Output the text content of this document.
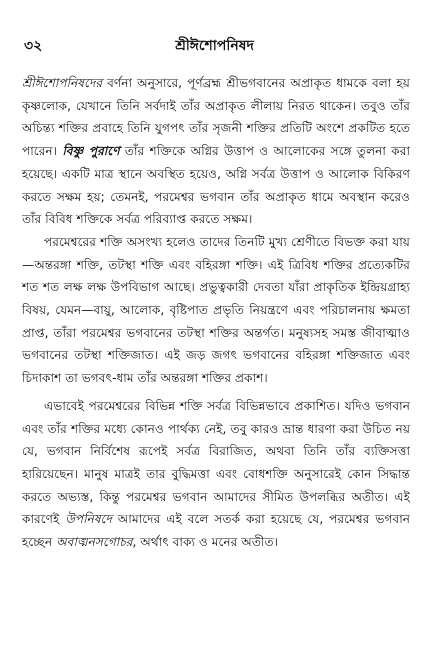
৩২	শ্রীঈশোপনিষদ

শ্রীঈশোপনিষদের বর্ণনা অনুসারে, পূর্ণব্রহ্ম শ্রীভগবানের অপ্রাকৃত ধামকে বলা হয় কৃষ্ণলোক, যেখানে তিনি সর্বদাই তাঁর অপ্রাকৃত লীলায় নিরত থাকেন। তবুও তাঁর অচিন্ত্য শক্তির প্রবাহে তিনি যুগপৎ তাঁর সৃজনী শক্তির প্রতিটি অংশে প্রকটিত হতে পারেন। বিষ্ণু পুরাণে তাঁর শক্তিকে অগ্নির উত্তাপ ও আলোকের সঙ্গে তুলনা করা হয়েছে। একটি মাত্র স্থানে অবস্থিত হয়েও, অগ্নি সর্বত্র উত্তাপ ও আলোক বিকিরণ করতে সক্ষম হয়; তেমনই, পরমেশ্বর ভগবান তাঁর অপ্রাকৃত ধামে অবস্থান করেও তাঁর বিবিধ শক্তিকে সর্বত্র পরিব্যাপ্ত করতে সক্ষম।

পরমেশ্বরের শক্তি অসংখ্য হলেও তাদের তিনটি মুখ্য শ্রেণীতে বিভক্ত করা যায়—অন্তরঙ্গা শক্তি, তটস্থা শক্তি এবং বহিরঙ্গা শক্তি। এই ত্রিবিধ শক্তির প্রত্যেকটির শত শত লক্ষ লক্ষ উপবিভাগ আছে। প্রভুত্বকারী দেবতা যাঁরা প্রাকৃতিক ইন্দ্রিয়গ্রাহ্য বিষয়, যেমন—বায়ু, আলোক, বৃষ্টিপাত প্রভৃতি নিয়ন্ত্রণে এবং পরিচালনায় ক্ষমতা প্রাপ্ত, তাঁরা পরমেশ্বর ভগবানের তটস্থা শক্তির অন্তর্গত। মনুষ্যসহ সমস্ত জীবাত্মাও ভগবানের তটস্থা শক্তিজাত। এই জড় জগৎ ভগবানের বহিরঙ্গা শক্তিজাত এবং চিদাকাশ তা ভগবৎ-ধাম তাঁর অন্তরঙ্গা শক্তির প্রকাশ।

এভাবেই পরমেশ্বরের বিভিন্ন শক্তি সর্বত্র বিভিন্নভাবে প্রকাশিত। যদিও ভগবান এবং তাঁর শক্তির মধ্যে কোনও পার্থক্য নেই, তবু কারও ভ্রান্ত ধারণা করা উচিত নয় যে, ভগবান নির্বিশেষ রূপেই সর্বত্র বিরাজিত, অথবা তিনি তাঁর ব্যক্তিসত্তা হারিয়েছেন। মানুষ মাত্রই তার বুদ্ধিমত্তা এবং বোধশক্তি অনুসারেই কোন সিদ্ধান্ত করতে অভ্যস্ত, কিন্তু পরমেশ্বর ভগবান আমাদের সীমিত উপলব্ধির অতীত। এই কারণেই উপনিষদে আমাদের এই বলে সতর্ক করা হয়েছে যে, পরমেশ্বর ভগবান হচ্ছেন অবাঙ্মনসগোচর, অর্থাৎ বাক্য ও মনের অতীত।
